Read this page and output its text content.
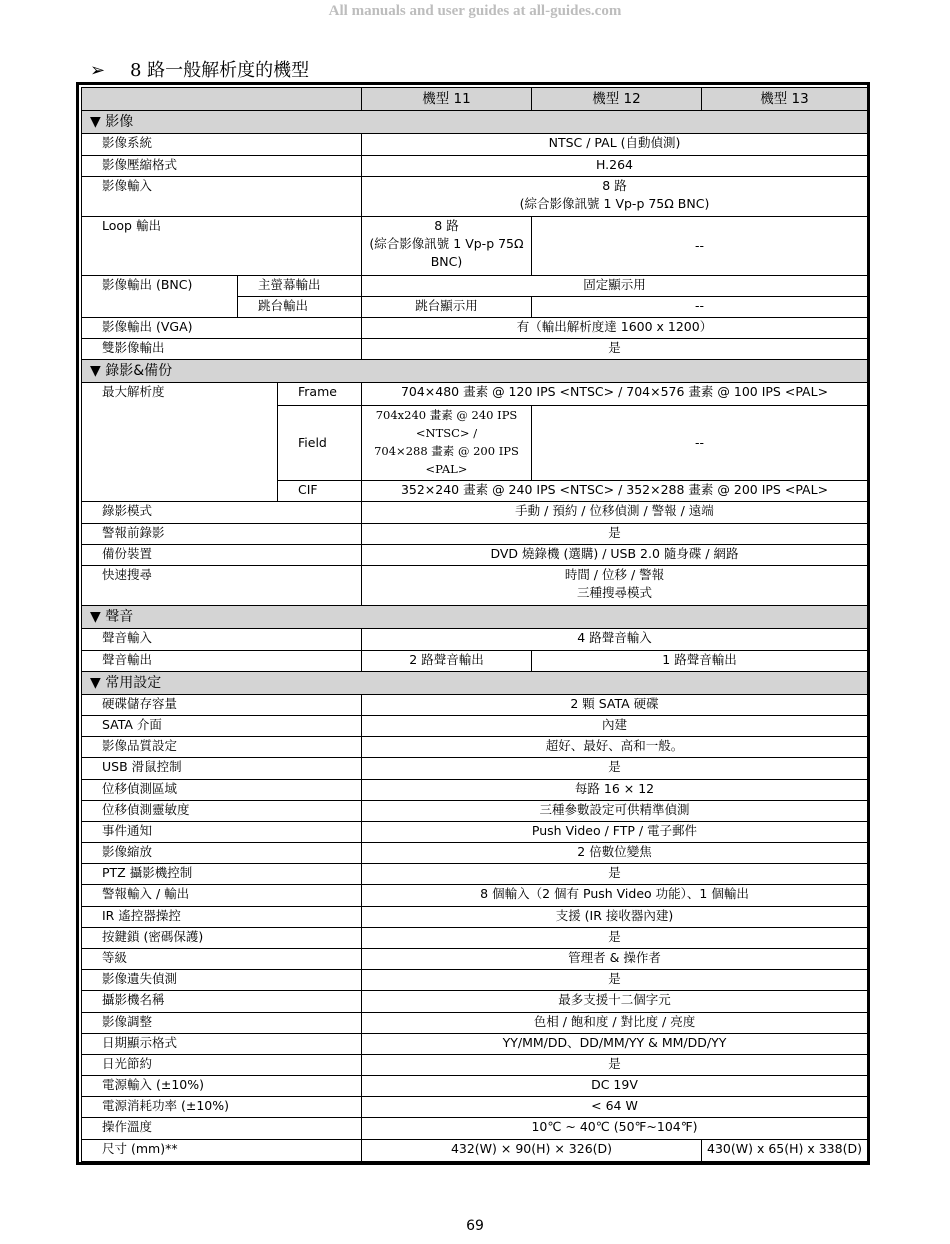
All manuals and user guides at all-guides.com
➢ 8 路一般解析度的機型
			機型 11	機型 12	機型 13
▼ 影像					
影像系統			NTSC / PAL (自動偵測)		
影像壓縮格式			H.264		
影像輸入			8 路
(綜合影像訊號 1 Vp-p 75Ω BNC)		

Loop 輸出			8 路
(綜合影像訊號 1 Vp-p 75Ω
BNC)	--	
影像輸出 (BNC)	主螢幕輸出		固定顯示用		
	跳台輸出		跳台顯示用	--	
影像輸出 (VGA)			有（輸出解析度達 1600 x 1200）		
雙影像輸出			是		
▼ 錄影&備份					
最大解析度		Frame	704×480 畫素 @ 120 IPS <NTSC> / 704×576 畫素 @ 100 IPS <PAL>		
		Field	704x240 畫素 @ 240 IPS
<NTSC> /
704×288 畫素 @ 200 IPS
<PAL>	--	
		CIF	352×240 畫素 @ 240 IPS <NTSC> / 352×288 畫素 @ 200 IPS <PAL>		
錄影模式			手動 / 預約 / 位移偵測 / 警報 / 遠端		
警報前錄影			是		
備份裝置			DVD 燒錄機 (選購) / USB 2.0 隨身碟 / 網路		
快速搜尋			時間 / 位移 / 警報
三種搜尋模式		

▼ 聲音					
聲音輸入			4 路聲音輸入		
聲音輸出			2 路聲音輸出	1 路聲音輸出	
▼ 常用設定					
硬碟儲存容量			2 顆 SATA 硬碟		
SATA 介面			內建		
影像品質設定			超好、最好、高和一般。		
USB 滑鼠控制			是		
位移偵測區域			每路 16 × 12		
位移偵測靈敏度			三種參數設定可供精準偵測		
事件通知			Push Video / FTP / 電子郵件		
影像縮放			2 倍數位變焦		
PTZ 攝影機控制			是		
警報輸入 / 輸出			8 個輸入（2 個有 Push Video 功能）、1 個輸出		
IR 遙控器操控			支援 (IR 接收器內建)		
按鍵鎖 (密碼保護)			是		
等級			管理者 & 操作者		
影像遺失偵測			是		
攝影機名稱			最多支援十二個字元		
影像調整			色相 / 飽和度 / 對比度 / 亮度		
日期顯示格式			YY/MM/DD、DD/MM/YY & MM/DD/YY		
日光節約			是		
電源輸入 (±10%)			DC 19V		
電源消耗功率 (±10%)			< 64 W		
操作溫度			10℃ ~ 40℃ (50℉~104℉)		
尺寸 (mm)**			432(W) × 90(H) × 326(D)		430(W) x 65(H) x 338(D)
69
